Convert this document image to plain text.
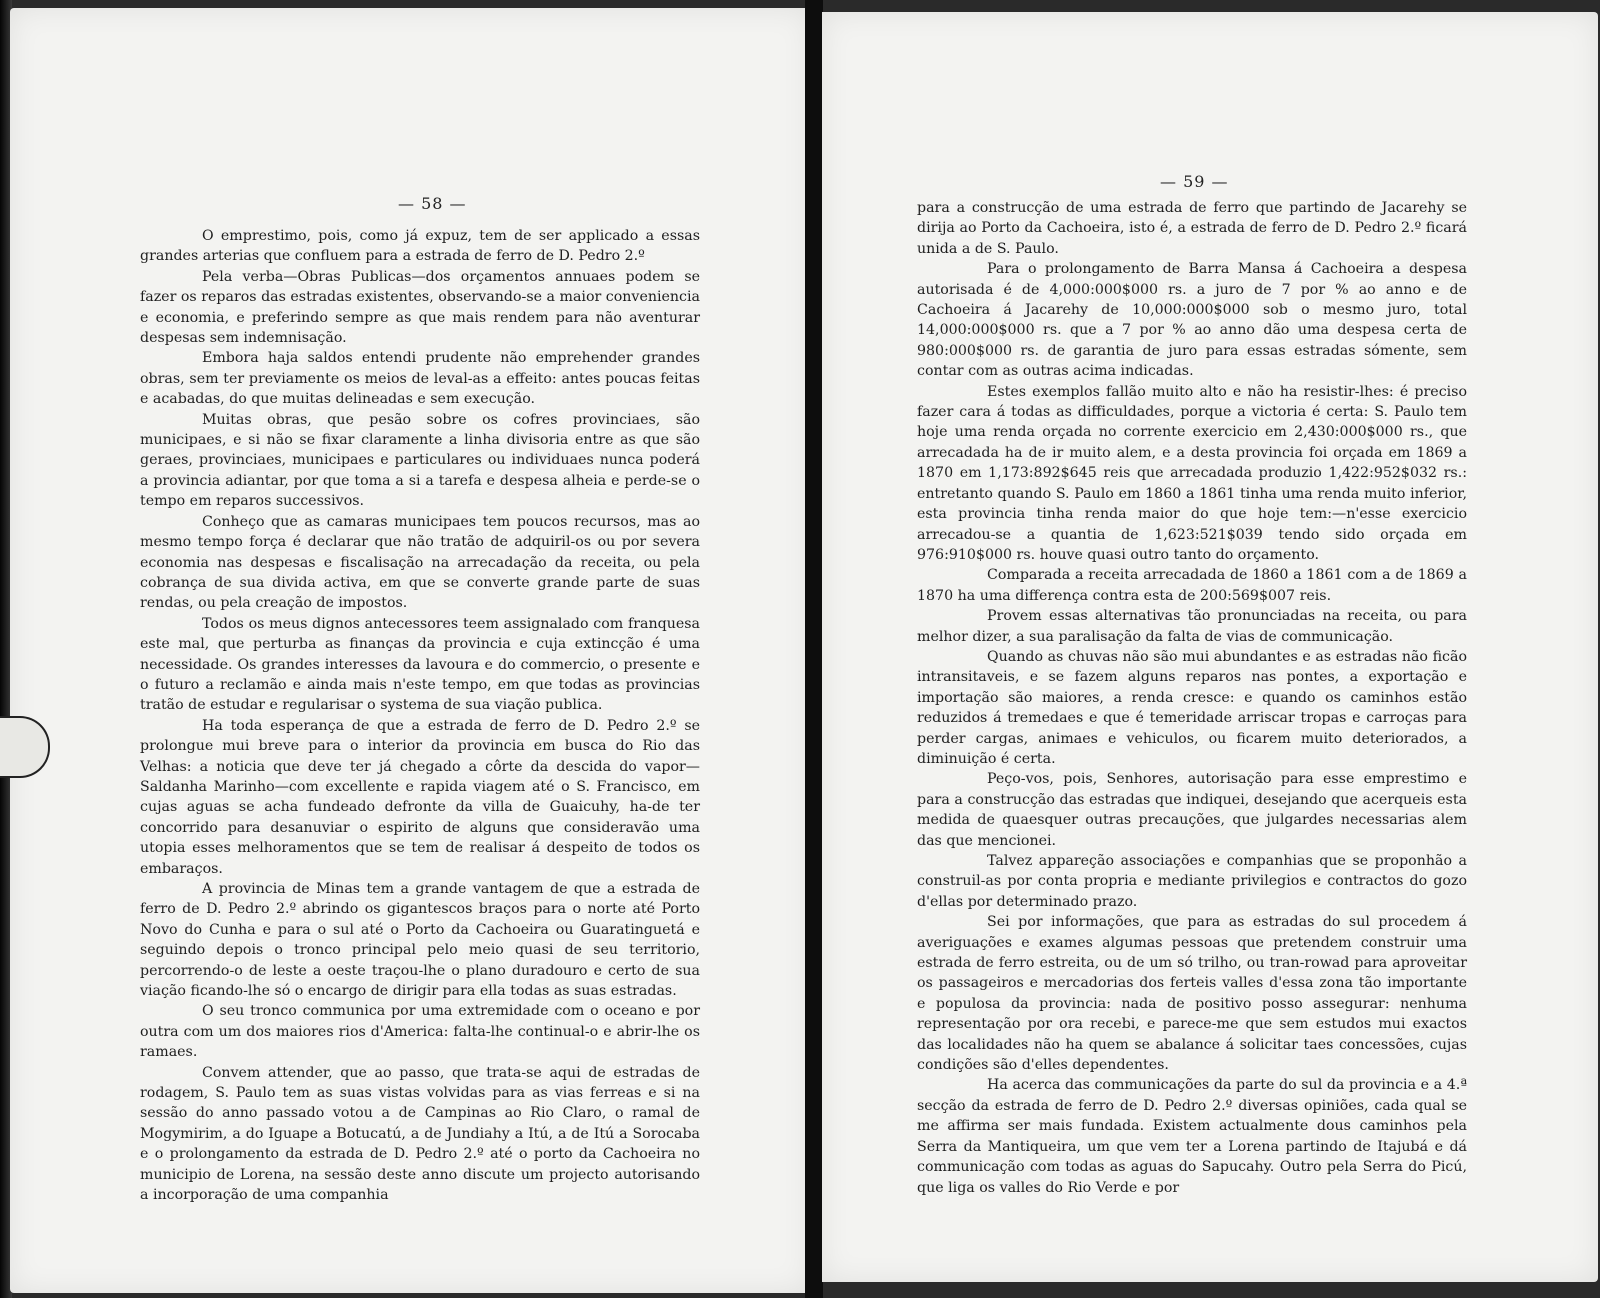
— 58 —

O emprestimo, pois, como já expuz, tem de ser applicado a essas grandes arterias que confluem para a estrada de ferro de D. Pedro 2.º

Pela verba—Obras Publicas—dos orçamentos annuaes podem se fazer os reparos das estradas existentes, observando-se a maior conveniencia e economia, e preferindo sempre as que mais rendem para não aventurar despesas sem indemnisação.

Embora haja saldos entendi prudente não emprehender grandes obras, sem ter previamente os meios de leval-as a effeito: antes poucas feitas e acabadas, do que muitas delineadas e sem execução.

Muitas obras, que pesão sobre os cofres provinciaes, são municipaes, e si não se fixar claramente a linha divisoria entre as que são geraes, provinciaes, municipaes e particulares ou individuaes nunca poderá a provincia adiantar, por que toma a si a tarefa e despesa alheia e perde-se o tempo em reparos successivos.

Conheço que as camaras municipaes tem poucos recursos, mas ao mesmo tempo força é declarar que não tratão de adquiril-os ou por severa economia nas despesas e fiscalisação na arrecadação da receita, ou pela cobrança de sua divida activa, em que se converte grande parte de suas rendas, ou pela creação de impostos.

Todos os meus dignos antecessores teem assignalado com franquesa este mal, que perturba as finanças da provincia e cuja extincção é uma necessidade. Os grandes interesses da lavoura e do commercio, o presente e o futuro a reclamão e ainda mais n'este tempo, em que todas as provincias tratão de estudar e regularisar o systema de sua viação publica.

Ha toda esperança de que a estrada de ferro de D. Pedro 2.º se prolongue mui breve para o interior da provincia em busca do Rio das Velhas: a noticia que deve ter já chegado a côrte da descida do vapor—Saldanha Marinho—com excellente e rapida viagem até o S. Francisco, em cujas aguas se acha fundeado defronte da villa de Guaicuhy, ha-de ter concorrido para desanuviar o espirito de alguns que consideravão uma utopia esses melhoramentos que se tem de realisar á despeito de todos os embaraços.

A provincia de Minas tem a grande vantagem de que a estrada de ferro de D. Pedro 2.º abrindo os gigantescos braços para o norte até Porto Novo do Cunha e para o sul até o Porto da Cachoeira ou Guaratinguetá e seguindo depois o tronco principal pelo meio quasi de seu territorio, percorrendo-o de leste a oeste traçou-lhe o plano duradouro e certo de sua viação ficando-lhe só o encargo de dirigir para ella todas as suas estradas.

O seu tronco communica por uma extremidade com o oceano e por outra com um dos maiores rios d'America: falta-lhe continual-o e abrir-lhe os ramaes.

Convem attender, que ao passo, que trata-se aqui de estradas de rodagem, S. Paulo tem as suas vistas volvidas para as vias ferreas e si na sessão do anno passado votou a de Campinas ao Rio Claro, o ramal de Mogymirim, a do Iguape a Botucatú, a de Jundiahy a Itú, a de Itú a Sorocaba e o prolongamento da estrada de D. Pedro 2.º até o porto da Cachoeira no municipio de Lorena, na sessão deste anno discute um projecto autorisando a incorporação de uma companhia

— 59 —

para a construcção de uma estrada de ferro que partindo de Jacarehy se dirija ao Porto da Cachoeira, isto é, a estrada de ferro de D. Pedro 2.º ficará unida a de S. Paulo.

Para o prolongamento de Barra Mansa á Cachoeira a despesa autorisada é de 4,000:000$000 rs. a juro de 7 por % ao anno e de Cachoeira á Jacarehy de 10,000:000$000 sob o mesmo juro, total 14,000:000$000 rs. que a 7 por % ao anno dão uma despesa certa de 980:000$000 rs. de garantia de juro para essas estradas sómente, sem contar com as outras acima indicadas.

Estes exemplos fallão muito alto e não ha resistir-lhes: é preciso fazer cara á todas as difficuldades, porque a victoria é certa: S. Paulo tem hoje uma renda orçada no corrente exercicio em 2,430:000$000 rs., que arrecadada ha de ir muito alem, e a desta provincia foi orçada em 1869 a 1870 em 1,173:892$645 reis que arrecadada produzio 1,422:952$032 rs.: entretanto quando S. Paulo em 1860 a 1861 tinha uma renda muito inferior, esta provincia tinha renda maior do que hoje tem:—n'esse exercicio arrecadou-se a quantia de 1,623:521$039 tendo sido orçada em 976:910$000 rs. houve quasi outro tanto do orçamento.

Comparada a receita arrecadada de 1860 a 1861 com a de 1869 a 1870 ha uma differença contra esta de 200:569$007 reis.

Provem essas alternativas tão pronunciadas na receita, ou para melhor dizer, a sua paralisação da falta de vias de communicação.

Quando as chuvas não são mui abundantes e as estradas não ficão intransitaveis, e se fazem alguns reparos nas pontes, a exportação e importação são maiores, a renda cresce: e quando os caminhos estão reduzidos á tremedaes e que é temeridade arriscar tropas e carroças para perder cargas, animaes e vehiculos, ou ficarem muito deteriorados, a diminuição é certa.

Peço-vos, pois, Senhores, autorisação para esse emprestimo e para a construcção das estradas que indiquei, desejando que acerqueis esta medida de quaesquer outras precauções, que julgardes necessarias alem das que mencionei.

Talvez appareção associações e companhias que se proponhão a construil-as por conta propria e mediante privilegios e contractos do gozo d'ellas por determinado prazo.

Sei por informações, que para as estradas do sul procedem á averiguações e exames algumas pessoas que pretendem construir uma estrada de ferro estreita, ou de um só trilho, ou tran-rowad para aproveitar os passageiros e mercadorias dos ferteis valles d'essa zona tão importante e populosa da provincia: nada de positivo posso assegurar: nenhuma representação por ora recebi, e parece-me que sem estudos mui exactos das localidades não ha quem se abalance á solicitar taes concessões, cujas condições são d'elles dependentes.

Ha acerca das communicações da parte do sul da provincia e a 4.ª secção da estrada de ferro de D. Pedro 2.º diversas opiniões, cada qual se me affirma ser mais fundada. Existem actualmente dous caminhos pela Serra da Mantiqueira, um que vem ter a Lorena partindo de Itajubá e dá communicação com todas as aguas do Sapucahy. Outro pela Serra do Picú, que liga os valles do Rio Verde e por
